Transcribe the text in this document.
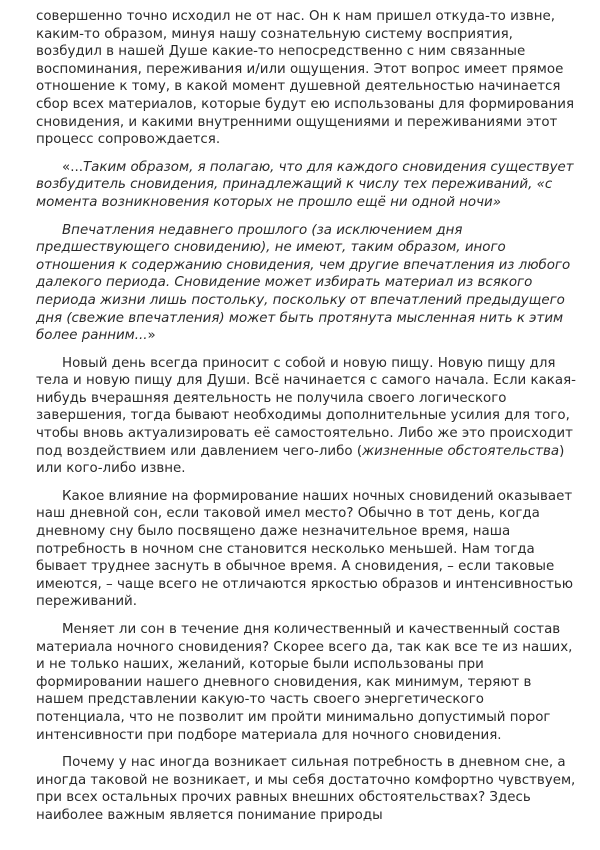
совершенно точно исходил не от нас. Он к нам пришел откуда-то извне, каким-то образом, минуя нашу сознательную систему восприятия, возбудил в нашей Душе какие-то непосредственно с ним связанные воспоминания, переживания и/или ощущения. Этот вопрос имеет прямое отношение к тому, в какой момент душевной деятельностью начинается сбор всех материалов, которые будут ею использованы для формирования сновидения, и какими внутренними ощущениями и переживаниями этот процесс сопровождается.

«...Таким образом, я полагаю, что для каждого сновидения существует возбудитель сновидения, принадлежащий к числу тех переживаний, «с момента возникновения которых не прошло ещё ни одной ночи»

Впечатления недавнего прошлого (за исключением дня предшествующего сновидению), не имеют, таким образом, иного отношения к содержанию сновидения, чем другие впечатления из любого далекого периода. Сновидение может избирать материал из всякого периода жизни лишь постольку, поскольку от впечатлений предыдущего дня (свежие впечатления) может быть протянута мысленная нить к этим более ранним...»

Новый день всегда приносит с собой и новую пищу. Новую пищу для тела и новую пищу для Души. Всё начинается с самого начала. Если какая-нибудь вчерашняя деятельность не получила своего логического завершения, тогда бывают необходимы дополнительные усилия для того, чтобы вновь актуализировать её самостоятельно. Либо же это происходит под воздействием или давлением чего-либо (жизненные обстоятельства) или кого-либо извне.

Какое влияние на формирование наших ночных сновидений оказывает наш дневной сон, если таковой имел место? Обычно в тот день, когда дневному сну было посвящено даже незначительное время, наша потребность в ночном сне становится несколько меньшей. Нам тогда бывает труднее заснуть в обычное время. А сновидения, – если таковые имеются, – чаще всего не отличаются яркостью образов и интенсивностью переживаний.

Меняет ли сон в течение дня количественный и качественный состав материала ночного сновидения? Скорее всего да, так как все те из наших, и не только наших, желаний, которые были использованы при формировании нашего дневного сновидения, как минимум, теряют в нашем представлении какую-то часть своего энергетического потенциала, что не позволит им пройти минимально допустимый порог интенсивности при подборе материала для ночного сновидения.

Почему у нас иногда возникает сильная потребность в дневном сне, а иногда таковой не возникает, и мы себя достаточно комфортно чувствуем, при всех остальных прочих равных внешних обстоятельствах? Здесь наиболее важным является понимание природы
